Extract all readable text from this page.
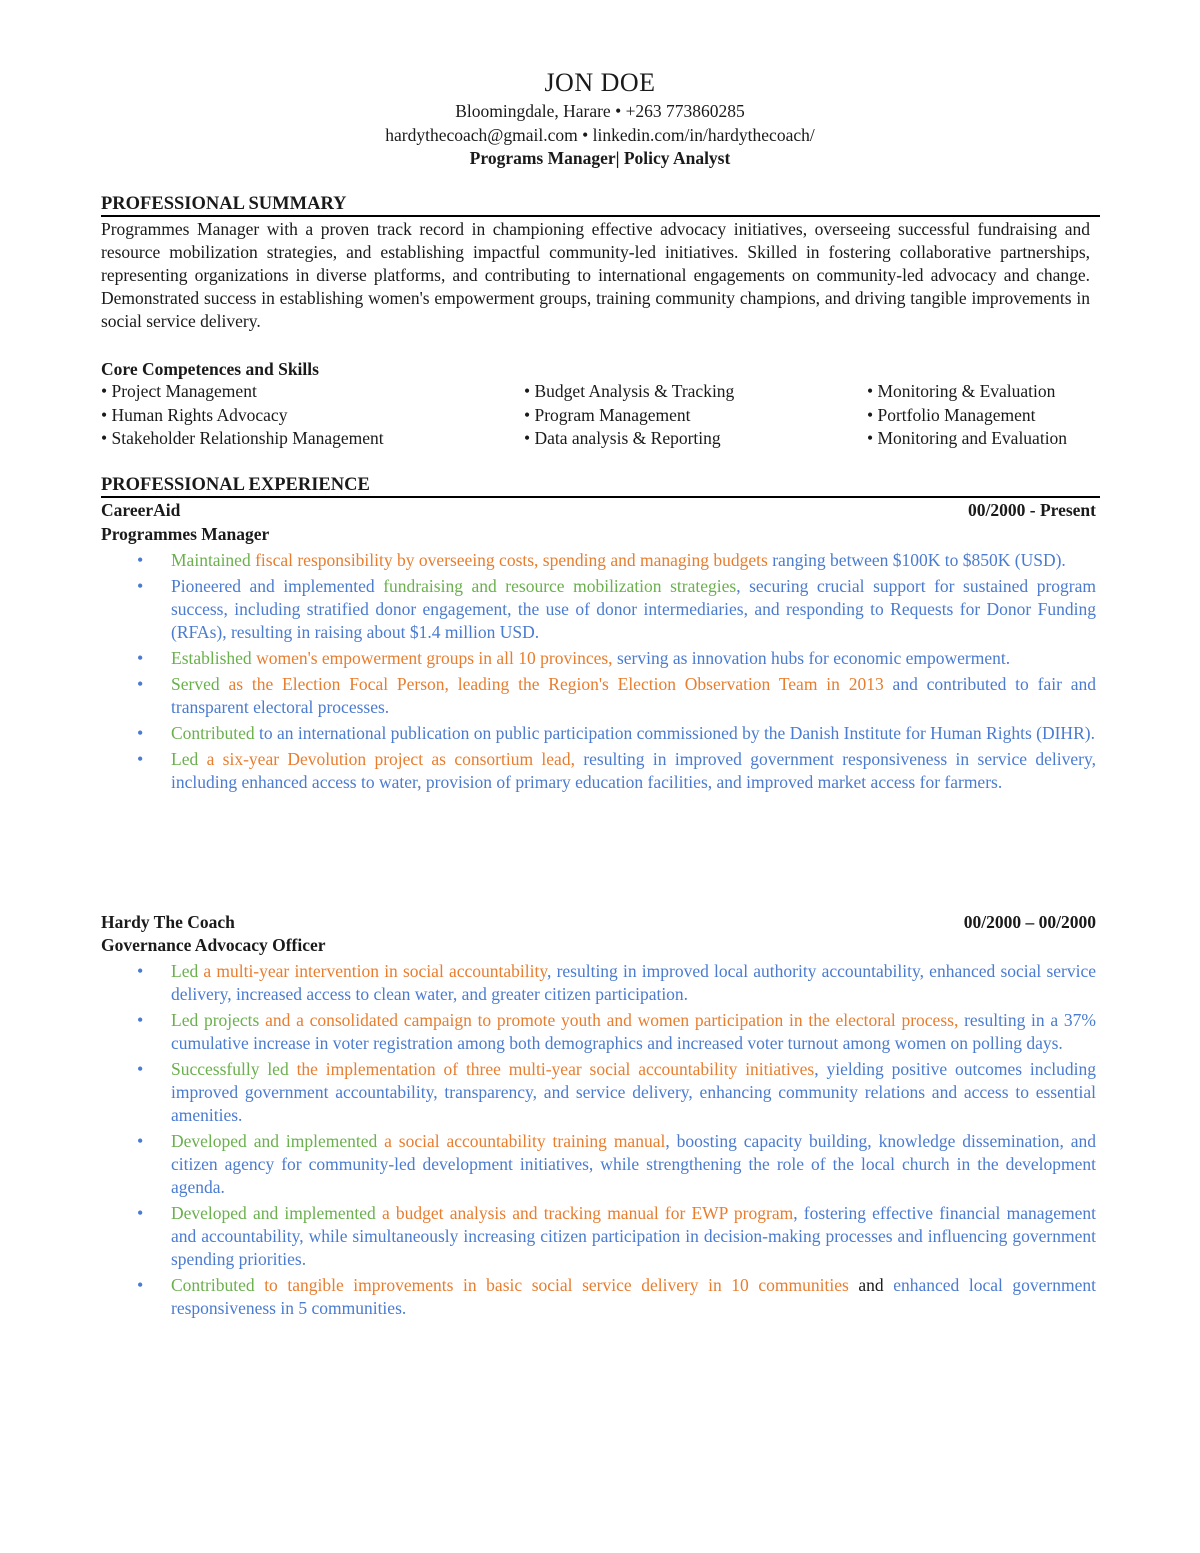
JON DOE
Bloomingdale, Harare • +263 773860285
hardythecoach@gmail.com • linkedin.com/in/hardythecoach/
Programs Manager| Policy Analyst
PROFESSIONAL SUMMARY
Programmes Manager with a proven track record in championing effective advocacy initiatives, overseeing successful fundraising and resource mobilization strategies, and establishing impactful community-led initiatives. Skilled in fostering collaborative partnerships, representing organizations in diverse platforms, and contributing to international engagements on community-led advocacy and change. Demonstrated success in establishing women's empowerment groups, training community champions, and driving tangible improvements in social service delivery.
Core Competences and Skills
• Project Management
• Human Rights Advocacy
• Stakeholder Relationship Management
• Budget Analysis & Tracking
• Program Management
• Data analysis & Reporting
• Monitoring & Evaluation
• Portfolio Management
• Monitoring and Evaluation
PROFESSIONAL EXPERIENCE
CareerAid	00/2000 - Present
Programmes Manager
• Maintained fiscal responsibility by overseeing costs, spending and managing budgets ranging between $100K to $850K (USD).
• Pioneered and implemented fundraising and resource mobilization strategies, securing crucial support for sustained program success, including stratified donor engagement, the use of donor intermediaries, and responding to Requests for Donor Funding (RFAs), resulting in raising about $1.4 million USD.
• Established women's empowerment groups in all 10 provinces, serving as innovation hubs for economic empowerment.
• Served as the Election Focal Person, leading the Region's Election Observation Team in 2013 and contributed to fair and transparent electoral processes.
• Contributed to an international publication on public participation commissioned by the Danish Institute for Human Rights (DIHR).
• Led a six-year Devolution project as consortium lead, resulting in improved government responsiveness in service delivery, including enhanced access to water, provision of primary education facilities, and improved market access for farmers.
Hardy The Coach	00/2000 – 00/2000
Governance Advocacy Officer
• Led a multi-year intervention in social accountability, resulting in improved local authority accountability, enhanced social service delivery, increased access to clean water, and greater citizen participation.
• Led projects and a consolidated campaign to promote youth and women participation in the electoral process, resulting in a 37% cumulative increase in voter registration among both demographics and increased voter turnout among women on polling days.
• Successfully led the implementation of three multi-year social accountability initiatives, yielding positive outcomes including improved government accountability, transparency, and service delivery, enhancing community relations and access to essential amenities.
• Developed and implemented a social accountability training manual, boosting capacity building, knowledge dissemination, and citizen agency for community-led development initiatives, while strengthening the role of the local church in the development agenda.
• Developed and implemented a budget analysis and tracking manual for EWP program, fostering effective financial management and accountability, while simultaneously increasing citizen participation in decision-making processes and influencing government spending priorities.
• Contributed to tangible improvements in basic social service delivery in 10 communities and enhanced local government responsiveness in 5 communities.
